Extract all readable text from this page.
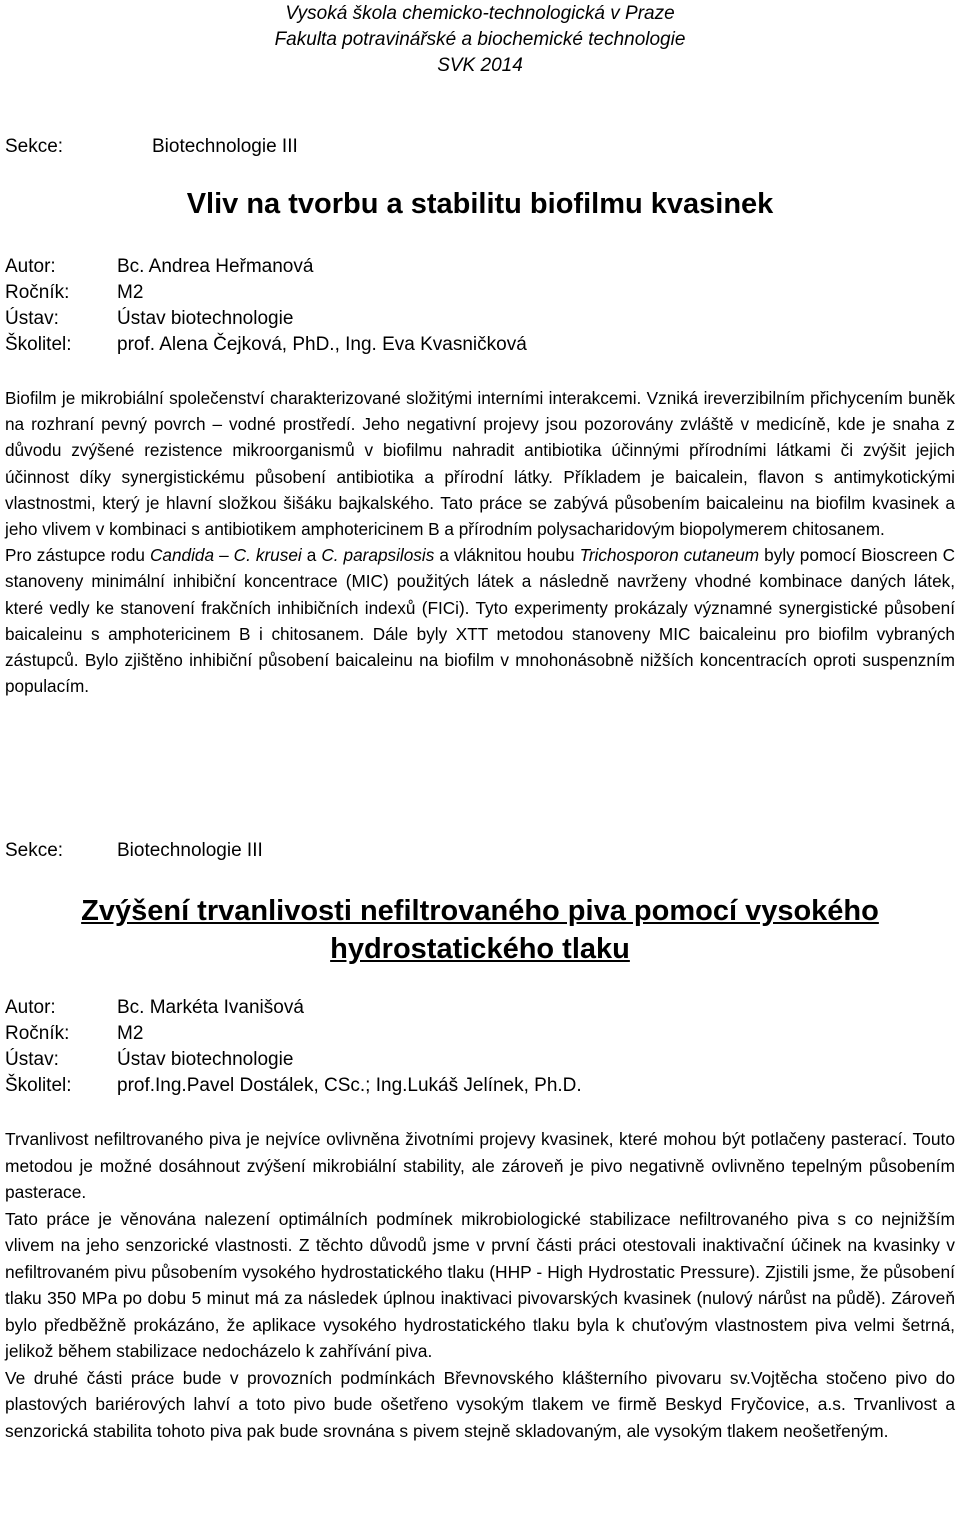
Vysoká škola chemicko-technologická v Praze
Fakulta potravinářské a biochemické technologie
SVK 2014
Sekce:	Biotechnologie III
Vliv na tvorbu a stabilitu biofilmu kvasinek
Autor:	Bc. Andrea Heřmanová
Ročník:	M2
Ústav:	Ústav biotechnologie
Školitel: prof. Alena Čejková, PhD., Ing. Eva Kvasničková

Biofilm je mikrobiální společenství charakterizované složitými interními interakcemi. Vzniká ireverzibilním přichycením buněk na rozhraní pevný povrch – vodné prostředí. Jeho negativní projevy jsou pozorovány zvláště v medicíně, kde je snaha z důvodu zvýšené rezistence mikroorganismů v biofilmu nahradit antibiotika účinnými přírodními látkami či zvýšit jejich účinnost díky synergistickému působení antibiotika a přírodní látky. Příkladem je baicalein, flavon s antimykotickými vlastnostmi, který je hlavní složkou šišáku bajkalského. Tato práce se zabývá působením baicaleinu na biofilm kvasinek a jeho vlivem v kombinaci s antibiotikem amphotericinem B a přírodním polysacharidovým biopolymerem chitosanem.

Pro zástupce rodu Candida – C. krusei a C. parapsilosis a vláknitou houbu Trichosporon cutaneum byly pomocí Bioscreen C stanoveny minimální inhibiční koncentrace (MIC) použitých látek a následně navrženy vhodné kombinace daných látek, které vedly ke stanovení frakčních inhibičních indexů (FICi). Tyto experimenty prokázaly významné synergistické působení baicaleinu s amphotericinem B i chitosanem. Dále byly XTT metodou stanoveny MIC baicaleinu pro biofilm vybraných zástupců. Bylo zjištěno inhibiční působení baicaleinu na biofilm v mnohonásobně nižších koncentracích oproti suspenzním populacím.

Sekce:	Biotechnologie III
Zvýšení trvanlivosti nefiltrovaného piva pomocí vysokého
hydrostatického tlaku
Autor:	Bc. Markéta Ivanišová
Ročník:	M2
Ústav:	Ústav biotechnologie
Školitel: prof.Ing.Pavel Dostálek, CSc.; Ing.Lukáš Jelínek, Ph.D.

Trvanlivost nefiltrovaného piva je nejvíce ovlivněna životními projevy kvasinek, které mohou být potlačeny pasterací. Touto metodou je možné dosáhnout zvýšení mikrobiální stability, ale zároveň je pivo negativně ovlivněno tepelným působením pasterace.

Tato práce je věnována nalezení optimálních podmínek mikrobiologické stabilizace nefiltrovaného piva s co nejnižším vlivem na jeho senzorické vlastnosti. Z těchto důvodů jsme v první části práci otestovali inaktivační účinek na kvasinky v nefiltrovaném pivu působením vysokého hydrostatického tlaku (HHP - High Hydrostatic Pressure). Zjistili jsme, že působení tlaku 350 MPa po dobu 5 minut má za následek úplnou inaktivaci pivovarských kvasinek (nulový nárůst na půdě). Zároveň bylo předběžně prokázáno, že aplikace vysokého hydrostatického tlaku byla k chuťovým vlastnostem piva velmi šetrná, jelikož během stabilizace nedocházelo k zahřívání piva.

Ve druhé části práce bude v provozních podmínkách Břevnovského klášterního pivovaru sv.Vojtěcha stočeno pivo do plastových bariérových lahví a toto pivo bude ošetřeno vysokým tlakem ve firmě Beskyd Fryčovice, a.s. Trvanlivost a senzorická stabilita tohoto piva pak bude srovnána s pivem stejně skladovaným, ale vysokým tlakem neošetřeným.
